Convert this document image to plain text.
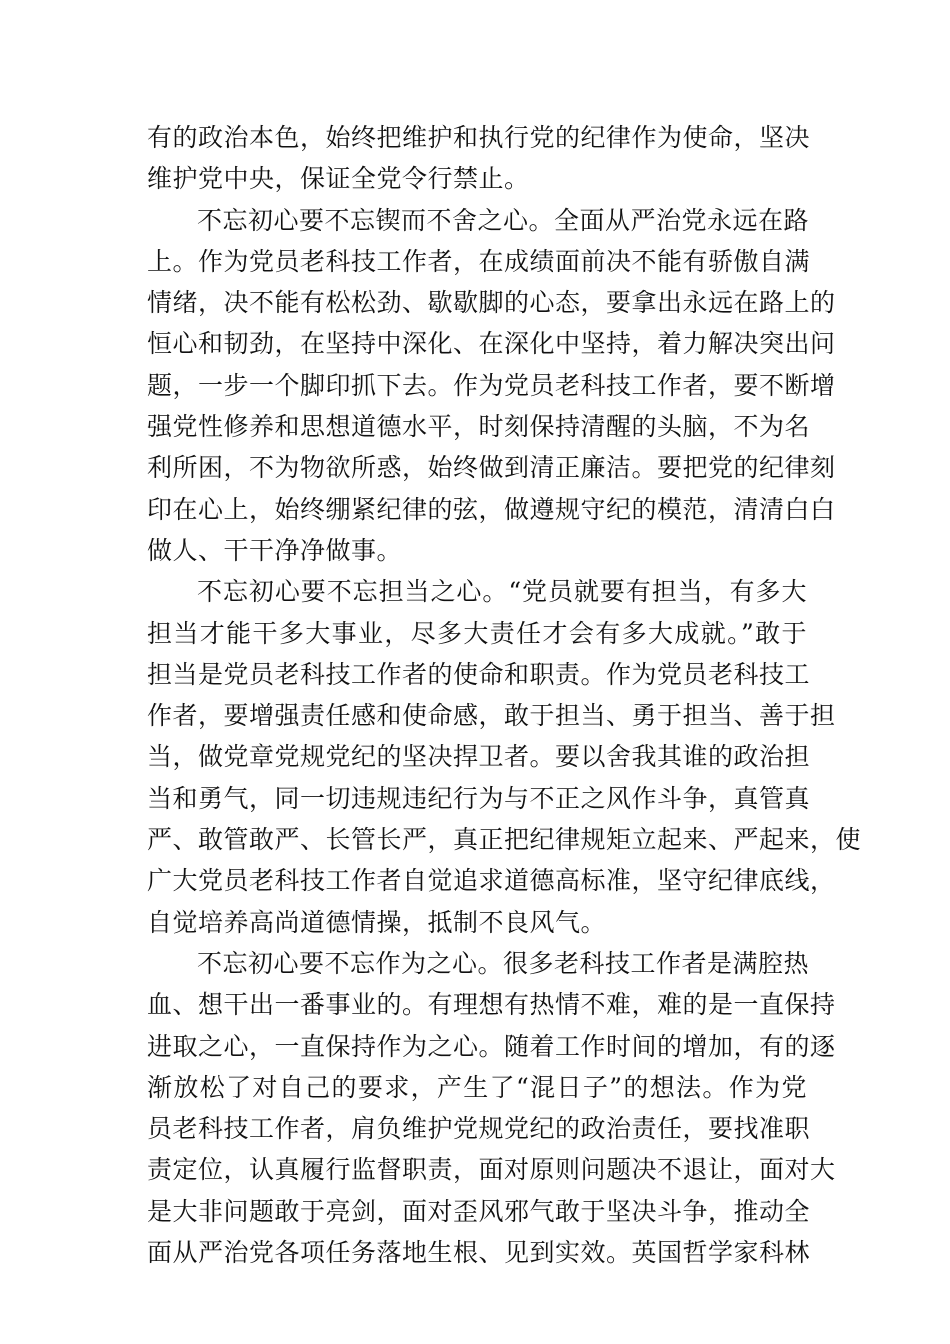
有的政治本色，始终把维护和执行党的纪律作为使命，坚决
维护党中央，保证全党令行禁止。
不忘初心要不忘锲而不舍之心。全面从严治党永远在路
上。作为党员老科技工作者，在成绩面前决不能有骄傲自满
情绪，决不能有松松劲、歇歇脚的心态，要拿出永远在路上的
恒心和韧劲，在坚持中深化、在深化中坚持，着力解决突出问
题，一步一个脚印抓下去。作为党员老科技工作者，要不断增
强党性修养和思想道德水平，时刻保持清醒的头脑，不为名
利所困，不为物欲所惑，始终做到清正廉洁。要把党的纪律刻
印在心上，始终绷紧纪律的弦，做遵规守纪的模范，清清白白
做人、干干净净做事。
不忘初心要不忘担当之心。“党员就要有担当，有多大
担当才能干多大事业，尽多大责任才会有多大成就。”敢于
担当是党员老科技工作者的使命和职责。作为党员老科技工
作者，要增强责任感和使命感，敢于担当、勇于担当、善于担
当，做党章党规党纪的坚决捍卫者。要以舍我其谁的政治担
当和勇气，同一切违规违纪行为与不正之风作斗争，真管真
严、敢管敢严、长管长严，真正把纪律规矩立起来、严起来，使
广大党员老科技工作者自觉追求道德高标准，坚守纪律底线，
自觉培养高尚道德情操，抵制不良风气。
不忘初心要不忘作为之心。很多老科技工作者是满腔热
血、想干出一番事业的。有理想有热情不难，难的是一直保持
进取之心，一直保持作为之心。随着工作时间的增加，有的逐
渐放松了对自己的要求，产生了“混日子”的想法。作为党
员老科技工作者，肩负维护党规党纪的政治责任，要找准职
责定位，认真履行监督职责，面对原则问题决不退让，面对大
是大非问题敢于亮剑，面对歪风邪气敢于坚决斗争，推动全
面从严治党各项任务落地生根、见到实效。英国哲学家科林
